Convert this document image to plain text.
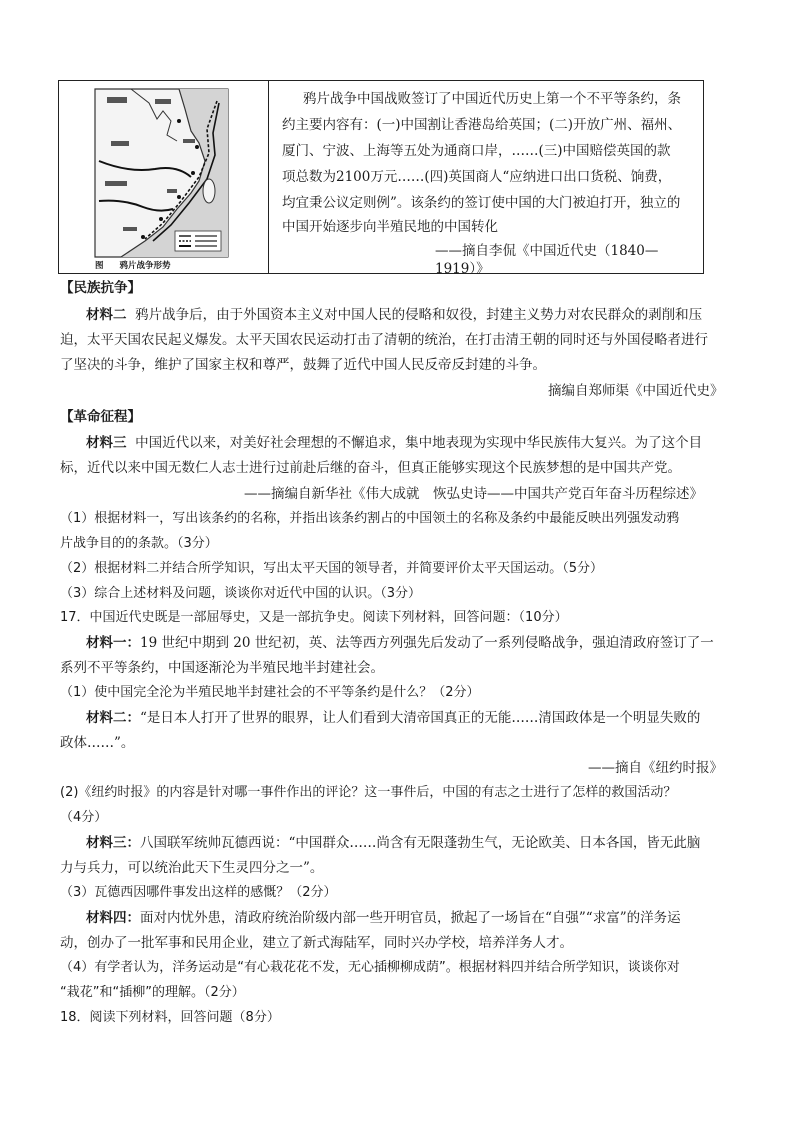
图 鸦片战争形势
鸦片战争中国战败签订了中国近代历史上第一个不平等条约，条
约主要内容有：(一)中国割让香港岛给英国；(二)开放广州、福州、
厦门、宁波、上海等五处为通商口岸，……(三)中国赔偿英国的款
项总数为2100万元……(四)英国商人“应纳进口出口货税、饷费，
均宜秉公议定则例”。该条约的签订使中国的大门被迫打开，独立的
中国开始逐步向半殖民地的中国转化
——摘自李侃《中国近代史（1840—1919）》
【民族抗争】
材料二 鸦片战争后，由于外国资本主义对中国人民的侵略和奴役，封建主义势力对农民群众的剥削和压
迫，太平天国农民起义爆发。太平天国农民运动打击了清朝的统治，在打击清王朝的同时还与外国侵略者进行
了坚决的斗争，维护了国家主权和尊严，鼓舞了近代中国人民反帝反封建的斗争。
摘编自郑师渠《中国近代史》
【革命征程】
材料三 中国近代以来，对美好社会理想的不懈追求，集中地表现为实现中华民族伟大复兴。为了这个目
标，近代以来中国无数仁人志士进行过前赴后继的奋斗，但真正能够实现这个民族梦想的是中国共产党。
——摘编自新华社《伟大成就　恢弘史诗——中国共产党百年奋斗历程综述》
（1）根据材料一，写出该条约的名称，并指出该条约割占的中国领土的名称及条约中最能反映出列强发动鸦
片战争目的的条款。（3分）
（2）根据材料二并结合所学知识，写出太平天国的领导者，并简要评价太平天国运动。（5分）
（3）综合上述材料及问题，谈谈你对近代中国的认识。（3分）
17．中国近代史既是一部屈辱史，又是一部抗争史。阅读下列材料，回答问题：（10分）
材料一：19 世纪中期到 20 世纪初，英、法等西方列强先后发动了一系列侵略战争，强迫清政府签订了一
系列不平等条约，中国逐渐沦为半殖民地半封建社会。
（1）使中国完全沦为半殖民地半封建社会的不平等条约是什么？（2分）
材料二：“是日本人打开了世界的眼界，让人们看到大清帝国真正的无能……清国政体是一个明显失败的
政体……”。
——摘自《纽约时报》
(2)《纽约时报》的内容是针对哪一事件作出的评论？这一事件后，中国的有志之士进行了怎样的救国活动？
（4分）
材料三：八国联军统帅瓦德西说：“中国群众……尚含有无限蓬勃生气，无论欧美、日本各国，皆无此脑
力与兵力，可以统治此天下生灵四分之一”。
（3）瓦德西因哪件事发出这样的感慨？（2分）
材料四：面对内忧外患，清政府统治阶级内部一些开明官员，掀起了一场旨在“自强”“求富”的洋务运
动，创办了一批军事和民用企业，建立了新式海陆军，同时兴办学校，培养洋务人才。
（4）有学者认为，洋务运动是“有心栽花花不发，无心插柳柳成荫”。根据材料四并结合所学知识，谈谈你对
“栽花”和“插柳”的理解。（2分）
18．阅读下列材料，回答问题（8分）
